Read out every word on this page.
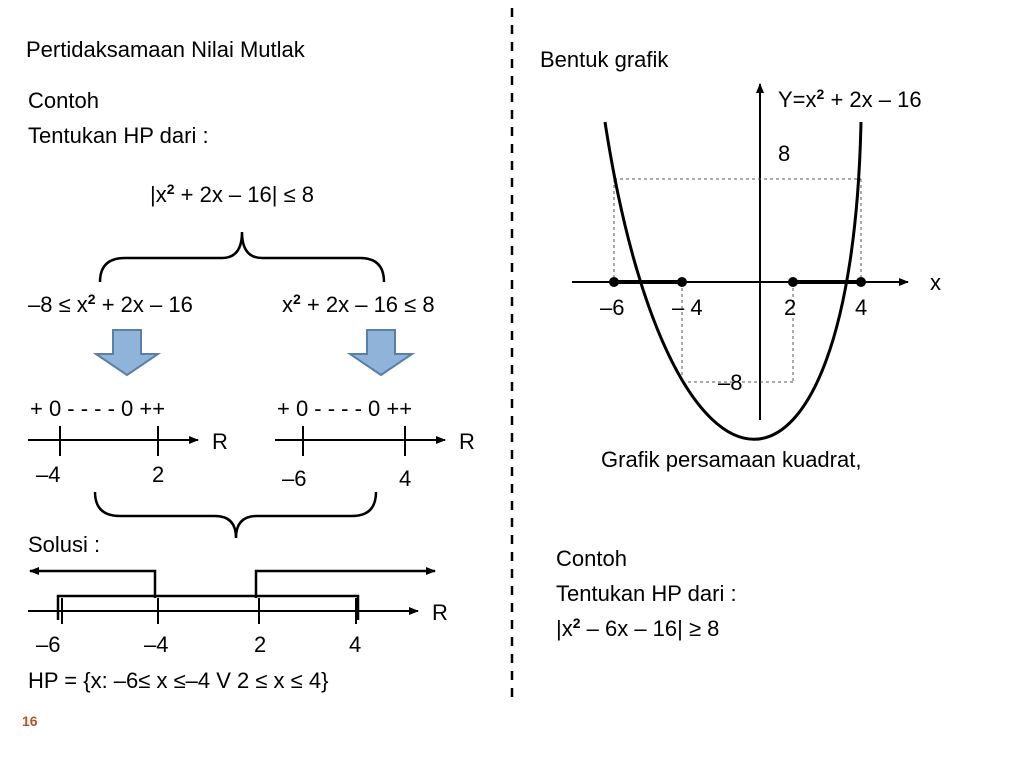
Pertidaksamaan Nilai Mutlak
Contoh
Tentukan HP dari :
$|x^2 + 2x - 16| \le 8$
$-8 \le x^2 + 2x - 16$	$x^2 + 2x - 16 \le 8$
+ 0 - - - - 0 ++	+ 0 - - - - 0 ++
R	R
–4	2	–6	4
Solusi :
R
–6	–4	2	4
HP = {x: –6≤ x ≤–4 V 2 ≤ x ≤ 4}
Bentuk grafik
$Y=x^2 + 2x - 16$
8
x
–6 – 4	2	4
–8
Grafik persamaan kuadrat,
Contoh
Tentukan HP dari :
$|x^2 - 6x - 16| \ge 8$
16
